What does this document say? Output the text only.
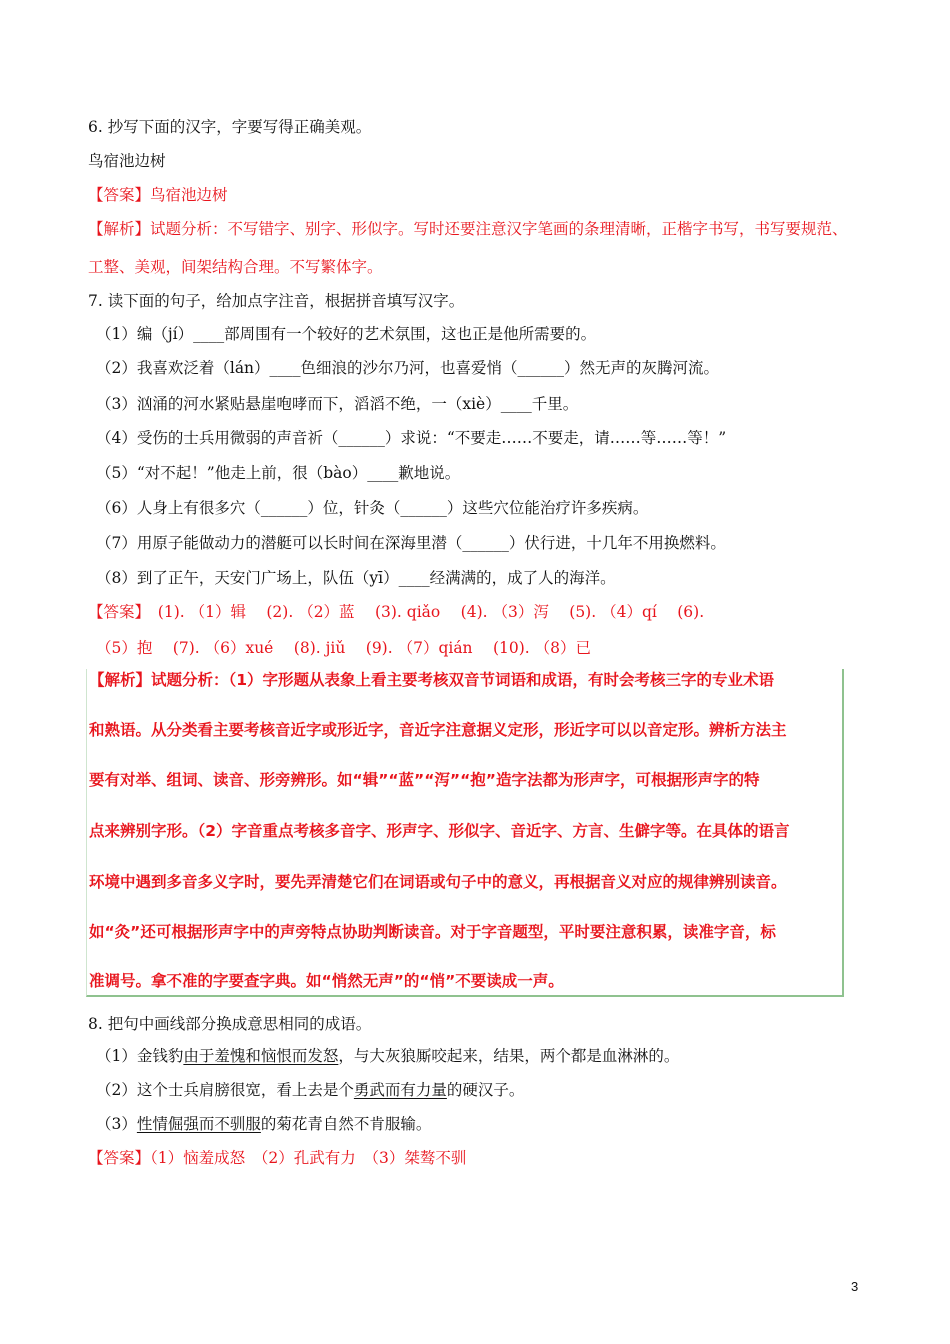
6. 抄写下面的汉字，字要写得正确美观。
鸟宿池边树
【答案】鸟宿池边树
【解析】试题分析：不写错字、别字、形似字。写时还要注意汉字笔画的条理清晰，正楷字书写，书写要规范、
工整、美观，间架结构合理。不写繁体字。
7. 读下面的句子，给加点字注音，根据拼音填写汉字。
（1）编（jí）____部周围有一个较好的艺术氛围，这也正是他所需要的。
（2）我喜欢泛着（lán）____色细浪的沙尔乃河，也喜爱悄（______）然无声的灰腾河流。
（3）汹涌的河水紧贴悬崖咆哮而下，滔滔不绝，一（xiè）____千里。
（4）受伤的士兵用微弱的声音祈（______）求说：“不要走……不要走，请……等……等！”
（5）“对不起！”他走上前，很（bào）____歉地说。
（6）人身上有很多穴（______）位，针灸（______）这些穴位能治疗许多疾病。
（7）用原子能做动力的潜艇可以长时间在深海里潜（______）伏行进，十几年不用换燃料。
（8）到了正午，天安门广场上，队伍（yī）____经满满的，成了人的海洋。
【答案】　 (1). （1）辑　 (2). （2）蓝　 (3). qiǎo　 (4). （3）泻　 (5). （4）qí　 (6).
（5）抱　 (7). （6）xué　 (8). jiǔ　 (9). （7）qián　 (10). （8）已
【解析】试题分析：（1）字形题从表象上看主要考核双音节词语和成语，有时会考核三字的专业术语
和熟语。从分类看主要考核音近字或形近字，音近字注意据义定形，形近字可以以音定形。辨析方法主
要有对举、组词、读音、形旁辨形。如“辑”“蓝”“泻”“抱”造字法都为形声字，可根据形声字的特
点来辨别字形。（2）字音重点考核多音字、形声字、形似字、音近字、方言、生僻字等。在具体的语言
环境中遇到多音多义字时，要先弄清楚它们在词语或句子中的意义，再根据音义对应的规律辨别读音。
如“灸”还可根据形声字中的声旁特点协助判断读音。对于字音题型，平时要注意积累，读准字音，标
准调号。拿不准的字要查字典。如“悄然无声”的“悄”不要读成一声。
8. 把句中画线部分换成意思相同的成语。
（1）金钱豹由于羞愧和恼恨而发怒，与大灰狼厮咬起来，结果，两个都是血淋淋的。
（2）这个士兵肩膀很宽，看上去是个勇武而有力量的硬汉子。
（3）性情倔强而不驯服的菊花青自然不肯服输。
【答案】（1）恼羞成怒　（2）孔武有力　（3）桀骜不驯
3
